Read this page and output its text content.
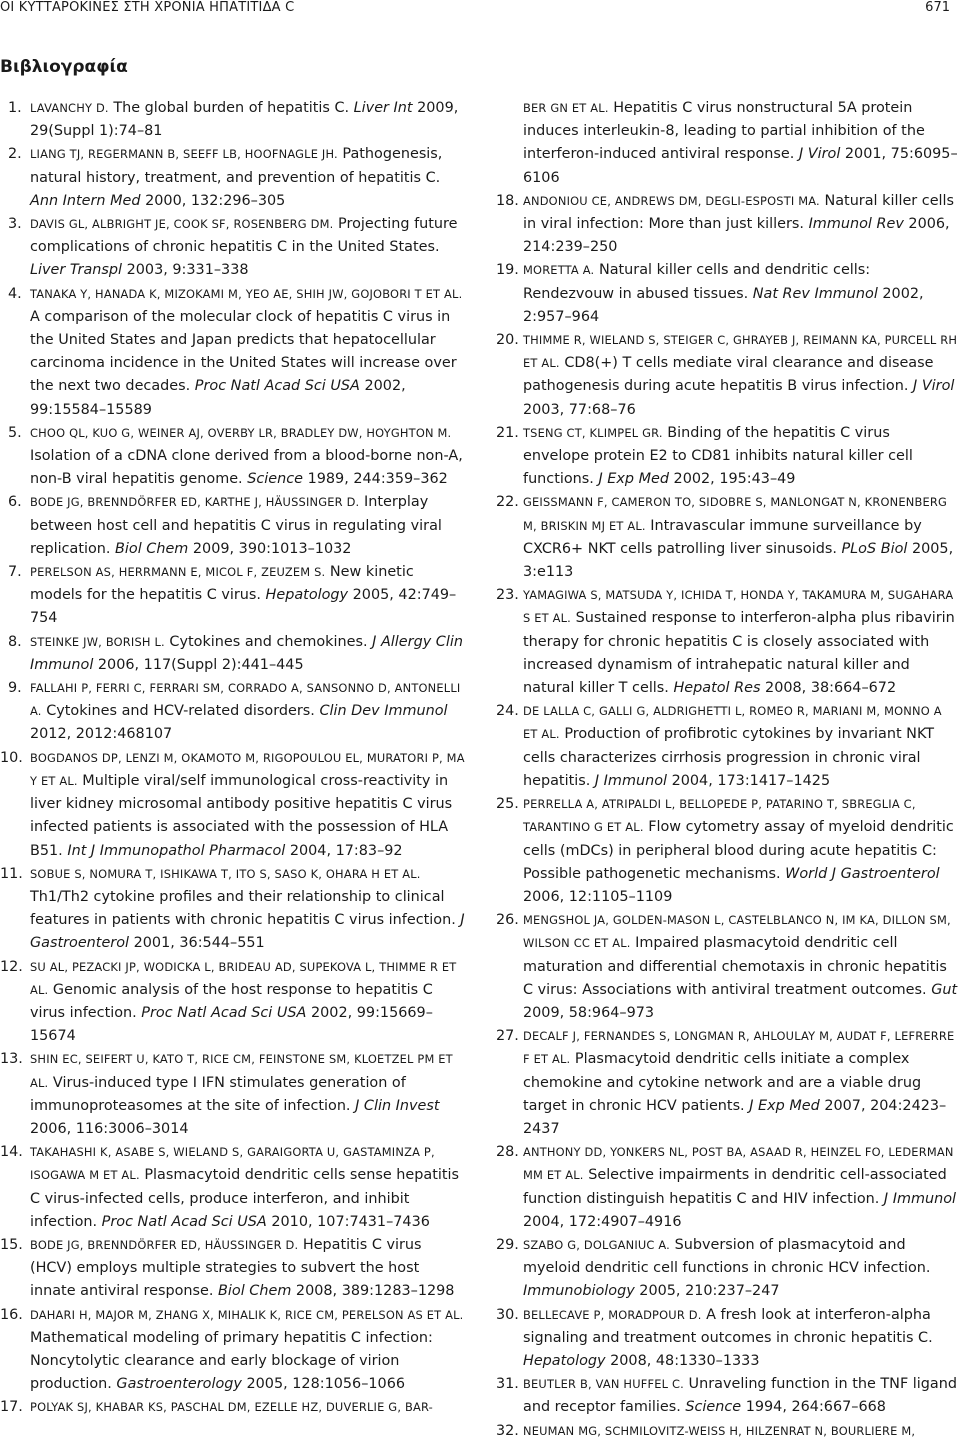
ΟΙ ΚΥΤΤΑΡΟΚΙΝΕΣ ΣΤΗ ΧΡΟΝΙΑ ΗΠΑΤΙΤΙΔΑ C	671
Βιβλιογραφία
1. LAVANCHY D. The global burden of hepatitis C. Liver Int 2009, 29(Suppl 1):74–81
2. LIANG TJ, REGERMANN B, SEEFF LB, HOOFNAGLE JH. Pathogenesis, natural history, treatment, and prevention of hepatitis C. Ann Intern Med 2000, 132:296–305
3. DAVIS GL, ALBRIGHT JE, COOK SF, ROSENBERG DM. Projecting future complications of chronic hepatitis C in the United States. Liver Transpl 2003, 9:331–338
4. TANAKA Y, HANADA K, MIZOKAMI M, YEO AE, SHIH JW, GOJOBORI T ET AL. A comparison of the molecular clock of hepatitis C virus in the United States and Japan predicts that hepatocellular carcinoma incidence in the United States will increase over the next two decades. Proc Natl Acad Sci USA 2002, 99:15584–15589
5. CHOO QL, KUO G, WEINER AJ, OVERBY LR, BRADLEY DW, HOYGHTON M. Isolation of a cDNA clone derived from a blood-borne non-A, non-B viral hepatitis genome. Science 1989, 244:359–362
6. BODE JG, BRENNDÖRFER ED, KARTHE J, HÄUSSINGER D. Interplay between host cell and hepatitis C virus in regulating viral replication. Biol Chem 2009, 390:1013–1032
7. PERELSON AS, HERRMANN E, MICOL F, ZEUZEM S. New kinetic models for the hepatitis C virus. Hepatology 2005, 42:749–754
8. STEINKE JW, BORISH L. Cytokines and chemokines. J Allergy Clin Immunol 2006, 117(Suppl 2):441–445
9. FALLAHI P, FERRI C, FERRARI SM, CORRADO A, SANSONNO D, ANTONELLI A. Cytokines and HCV-related disorders. Clin Dev Immunol 2012, 2012:468107
10. BOGDANOS DP, LENZI M, OKAMOTO M, RIGOPOULOU EL, MURATORI P, MA Y ET AL. Multiple viral/self immunological cross-reactivity in liver kidney microsomal antibody positive hepatitis C virus infected patients is associated with the possession of HLA B51. Int J Immunopathol Pharmacol 2004, 17:83–92
11. SOBUE S, NOMURA T, ISHIKAWA T, ITO S, SASO K, OHARA H ET AL. Th1/Th2 cytokine profiles and their relationship to clinical features in patients with chronic hepatitis C virus infection. J Gastroenterol 2001, 36:544–551
12. SU AL, PEZACKI JP, WODICKA L, BRIDEAU AD, SUPEKOVA L, THIMME R ET AL. Genomic analysis of the host response to hepatitis C virus infection. Proc Natl Acad Sci USA 2002, 99:15669–15674
13. SHIN EC, SEIFERT U, KATO T, RICE CM, FEINSTONE SM, KLOETZEL PM ET AL. Virus-induced type I IFN stimulates generation of immunoproteasomes at the site of infection. J Clin Invest 2006, 116:3006–3014
14. TAKAHASHI K, ASABE S, WIELAND S, GARAIGORTA U, GASTAMINZA P, ISOGAWA M ET AL. Plasmacytoid dendritic cells sense hepatitis C virus-infected cells, produce interferon, and inhibit infection. Proc Natl Acad Sci USA 2010, 107:7431–7436
15. BODE JG, BRENNDÖRFER ED, HÄUSSINGER D. Hepatitis C virus (HCV) employs multiple strategies to subvert the host innate antiviral response. Biol Chem 2008, 389:1283–1298
16. DAHARI H, MAJOR M, ZHANG X, MIHALIK K, RICE CM, PERELSON AS ET AL. Mathematical modeling of primary hepatitis C infection: Noncytolytic clearance and early blockage of virion production. Gastroenterology 2005, 128:1056–1066
17. POLYAK SJ, KHABAR KS, PASCHAL DM, EZELLE HZ, DUVERLIE G, BAR-
BER GN ET AL. Hepatitis C virus nonstructural 5A protein induces interleukin-8, leading to partial inhibition of the interferon-induced antiviral response. J Virol 2001, 75:6095–6106
18. ANDONIOU CE, ANDREWS DM, DEGLI-ESPOSTI MA. Natural killer cells in viral infection: More than just killers. Immunol Rev 2006, 214:239–250
19. MORETTA A. Natural killer cells and dendritic cells: Rendezvouw in abused tissues. Nat Rev Immunol 2002, 2:957–964
20. THIMME R, WIELAND S, STEIGER C, GHRAYEB J, REIMANN KA, PURCELL RH ET AL. CD8(+) T cells mediate viral clearance and disease pathogenesis during acute hepatitis B virus infection. J Virol 2003, 77:68–76
21. TSENG CT, KLIMPEL GR. Binding of the hepatitis C virus envelope protein E2 to CD81 inhibits natural killer cell functions. J Exp Med 2002, 195:43–49
22. GEISSMANN F, CAMERON TO, SIDOBRE S, MANLONGAT N, KRONENBERG M, BRISKIN MJ ET AL. Intravascular immune surveillance by CXCR6+ NKT cells patrolling liver sinusoids. PLoS Biol 2005, 3:e113
23. YAMAGIWA S, MATSUDA Y, ICHIDA T, HONDA Y, TAKAMURA M, SUGAHARA S ET AL. Sustained response to interferon-alpha plus ribavirin therapy for chronic hepatitis C is closely associated with increased dynamism of intrahepatic natural killer and natural killer T cells. Hepatol Res 2008, 38:664–672
24. DE LALLA C, GALLI G, ALDRIGHETTI L, ROMEO R, MARIANI M, MONNO A ET AL. Production of profibrotic cytokines by invariant NKT cells characterizes cirrhosis progression in chronic viral hepatitis. J Immunol 2004, 173:1417–1425
25. PERRELLA A, ATRIPALDI L, BELLOPEDE P, PATARINO T, SBREGLIA C, TARANTINO G ET AL. Flow cytometry assay of myeloid dendritic cells (mDCs) in peripheral blood during acute hepatitis C: Possible pathogenetic mechanisms. World J Gastroenterol 2006, 12:1105–1109
26. MENGSHOL JA, GOLDEN-MASON L, CASTELBLANCO N, IM KA, DILLON SM, WILSON CC ET AL. Impaired plasmacytoid dendritic cell maturation and differential chemotaxis in chronic hepatitis C virus: Associations with antiviral treatment outcomes. Gut 2009, 58:964–973
27. DECALF J, FERNANDES S, LONGMAN R, AHLOULAY M, AUDAT F, LEFRERRE F ET AL. Plasmacytoid dendritic cells initiate a complex chemokine and cytokine network and are a viable drug target in chronic HCV patients. J Exp Med 2007, 204:2423–2437
28. ANTHONY DD, YONKERS NL, POST BA, ASAAD R, HEINZEL FO, LEDERMAN MM ET AL. Selective impairments in dendritic cell-associated function distinguish hepatitis C and HIV infection. J Immunol 2004, 172:4907–4916
29. SZABO G, DOLGANIUC A. Subversion of plasmacytoid and myeloid dendritic cell functions in chronic HCV infection. Immunobiology 2005, 210:237–247
30. BELLECAVE P, MORADPOUR D. A fresh look at interferon-alpha signaling and treatment outcomes in chronic hepatitis C. Hepatology 2008, 48:1330–1333
31. BEUTLER B, VAN HUFFEL C. Unraveling function in the TNF ligand and receptor families. Science 1994, 264:667–668
32. NEUMAN MG, SCHMILOVITZ-WEISS H, HILZENRAT N, BOURLIERE M,
